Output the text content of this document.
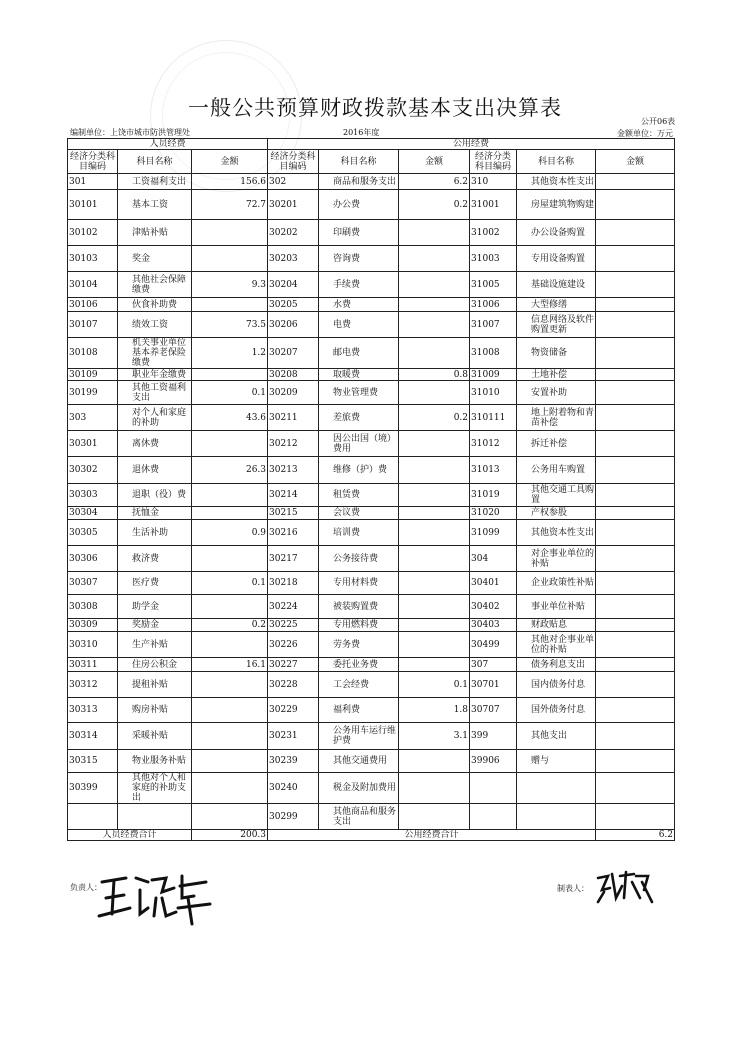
一般公共预算财政拨款基本支出决算表
公开06表
编制单位：上饶市城市防洪管理处	2016年度	金额单位：万元
人员经费			公用经费					
经济分类科目编码	科目名称	金额	经济分类科目编码	科目名称	金额	经济分类科目编码	科目名称	金额
301	工资福利支出	156.6	302	商品和服务支出	6.2	310	其他资本性支出	
30101	基本工资	72.7	30201	办公费	0.2	31001	房屋建筑物购建	
30102	津贴补贴		30202	印刷费		31002	办公设备购置	
30103	奖金		30203	咨询费		31003	专用设备购置	
30104	其他社会保障缴费	9.3	30204	手续费		31005	基础设施建设	
30106	伙食补助费		30205	水费		31006	大型修缮	
30107	绩效工资	73.5	30206	电费		31007	信息网络及软件购置更新	
30108	机关事业单位基本养老保险缴费	1.2	30207	邮电费		31008	物资储备	
30109	职业年金缴费		30208	取暖费	0.8	31009	土地补偿	
30199	其他工资福利支出	0.1	30209	物业管理费		31010	安置补助	
303	对个人和家庭的补助	43.6	30211	差旅费	0.2	310111	地上附着物和青苗补偿	
30301	离休费		30212	因公出国（境）费用		31012	拆迁补偿	
30302	退休费	26.3	30213	维修（护）费		31013	公务用车购置	
30303	退职（役）费		30214	租赁费		31019	其他交通工具购置	
30304	抚恤金		30215	会议费		31020	产权参股	
30305	生活补助	0.9	30216	培训费		31099	其他资本性支出	
30306	救济费		30217	公务接待费		304	对企事业单位的补贴	
30307	医疗费	0.1	30218	专用材料费		30401	企业政策性补贴	
30308	助学金		30224	被装购置费		30402	事业单位补贴	
30309	奖励金	0.2	30225	专用燃料费		30403	财政贴息	
30310	生产补贴		30226	劳务费		30499	其他对企事业单位的补贴	
30311	住房公积金	16.1	30227	委托业务费		307	债务利息支出	
30312	提租补贴		30228	工会经费	0.1	30701	国内债务付息	
30313	购房补贴		30229	福利费	1.8	30707	国外债务付息	
30314	采暖补贴		30231	公务用车运行维护费	3.1	399	其他支出	
30315	物业服务补贴		30239	其他交通费用		39906	赠与	
30399	其他对个人和家庭的补助支出		30240	税金及附加费用				
			30299	其他商品和服务支出				
人员经费合计		200.3	公用经费合计					6.2
负责人：	制表人：
